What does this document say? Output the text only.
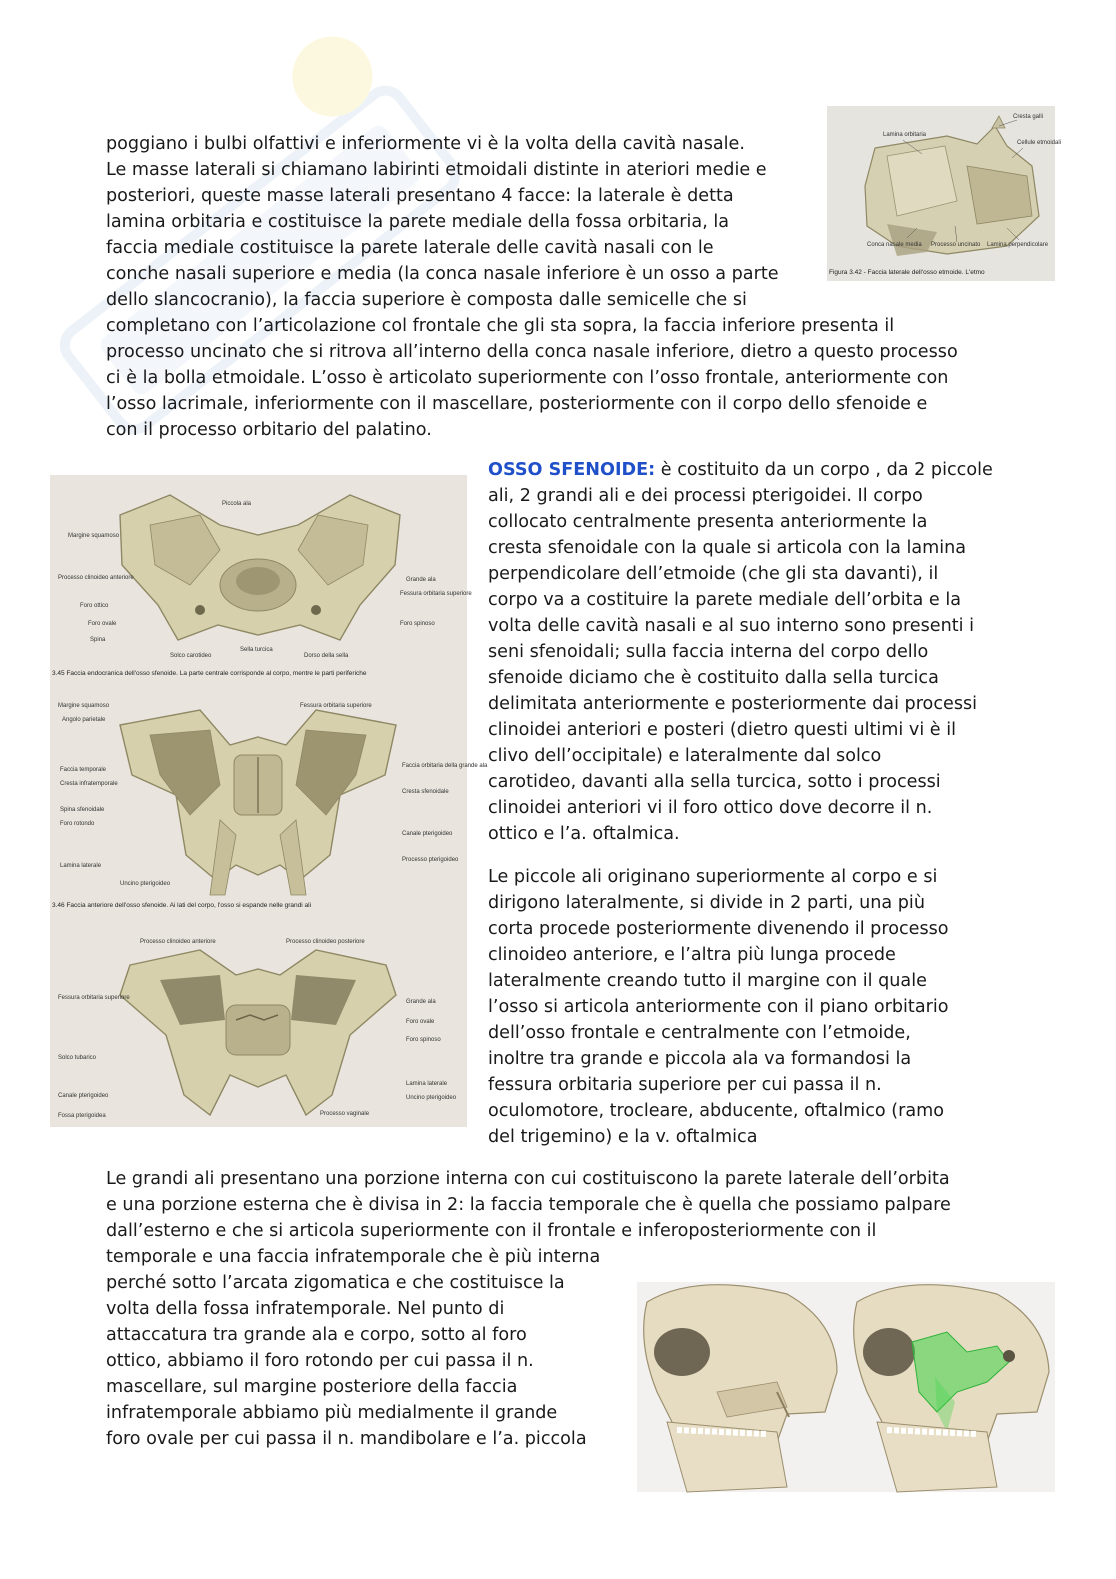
poggiano i bulbi olfattivi e inferiormente vi è la volta della cavità nasale.

Le masse laterali si chiamano labirinti etmoidali distinte in ateriori medie e

posteriori, queste masse laterali presentano 4 facce: la laterale è detta

lamina orbitaria e costituisce la parete mediale della fossa orbitaria, la

faccia mediale costituisce la parete laterale delle cavità nasali con le

conche nasali superiore e media (la conca nasale inferiore è un osso a parte

dello slancocranio), la faccia superiore è composta dalle semicelle che si

completano con l’articolazione col frontale che gli sta sopra, la faccia inferiore presenta il

processo uncinato che si ritrova all’interno della conca nasale inferiore, dietro a questo processo

ci è la bolla etmoidale. L’osso è articolato superiormente con l’osso frontale, anteriormente con

l’osso lacrimale, inferiormente con il mascellare, posteriormente con il corpo dello sfenoide e

con il processo orbitario del palatino.

Lamina orbitaria
Cresta galli
Cellule etmoidali
Conca nasale media Processo uncinato Lamina perpendicolare
Figura 3.42 - Faccia laterale dell'osso etmoide. L'etmo
Margine squamoso
Processo clinoideo anteriore
Foro ottico
Foro ovale
Spina
Solco carotideo
Piccola ala
Grande ala
Fessura orbitaria superiore
Foro spinoso
Sella turcica
Dorso della sella
3.45 Faccia endocranica dell'osso sfenoide. La parte centrale corrisponde al corpo, mentre le parti periferiche
Margine squamoso
Angolo parietale
Faccia temporale
Cresta infratemporale
Spina sfenoidale
Foro rotondo
Fessura orbitaria superiore
Lamina laterale
Uncino pterigoideo
Faccia orbitaria della grande ala
Cresta sfenoidale
Canale pterigoideo
Processo pterigoideo
3.46 Faccia anteriore dell'osso sfenoide. Ai lati del corpo, l'osso si espande nelle grandi ali
Processo clinoideo anteriore	Processo clinoideo posteriore
Fessura orbitaria superiore
Solco tubarico
Canale pterigoideo
Fossa pterigoidea
Grande ala
Foro ovale
Foro spinoso
Lamina laterale
Uncino pterigoideo
Processo vaginale

OSSO SFENOIDE: è costituito da un corpo , da 2 piccole

ali, 2 grandi ali e dei processi pterigoidei. Il corpo

collocato centralmente presenta anteriormente la

cresta sfenoidale con la quale si articola con la lamina

perpendicolare dell’etmoide (che gli sta davanti), il

corpo va a costituire la parete mediale dell’orbita e la

volta delle cavità nasali e al suo interno sono presenti i

seni sfenoidali; sulla faccia interna del corpo dello

sfenoide diciamo che è costituito dalla sella turcica

delimitata anteriormente e posteriormente dai processi

clinoidei anteriori e posteri (dietro questi ultimi vi è il

clivo dell’occipitale) e lateralmente dal solco

carotideo, davanti alla sella turcica, sotto i processi

clinoidei anteriori vi il foro ottico dove decorre il n.

ottico e l’a. oftalmica.

Le piccole ali originano superiormente al corpo e si

dirigono lateralmente, si divide in 2 parti, una più

corta procede posteriormente divenendo il processo

clinoideo anteriore, e l’altra più lunga procede

lateralmente creando tutto il margine con il quale

l’osso si articola anteriormente con il piano orbitario

dell’osso frontale e centralmente con l’etmoide,

inoltre tra grande e piccola ala va formandosi la

fessura orbitaria superiore per cui passa il n.

oculomotore, trocleare, abducente, oftalmico (ramo

del trigemino) e la v. oftalmica

Le grandi ali presentano una porzione interna con cui costituiscono la parete laterale dell’orbita

e una porzione esterna che è divisa in 2: la faccia temporale che è quella che possiamo palpare

dall’esterno e che si articola superiormente con il frontale e inferoposteriormente con il

temporale e una faccia infratemporale che è più interna

perché sotto l’arcata zigomatica e che costituisce la

volta della fossa infratemporale. Nel punto di

attaccatura tra grande ala e corpo, sotto al foro

ottico, abbiamo il foro rotondo per cui passa il n.

mascellare, sul margine posteriore della faccia

infratemporale abbiamo più medialmente il grande

foro ovale per cui passa il n. mandibolare e l’a. piccola
